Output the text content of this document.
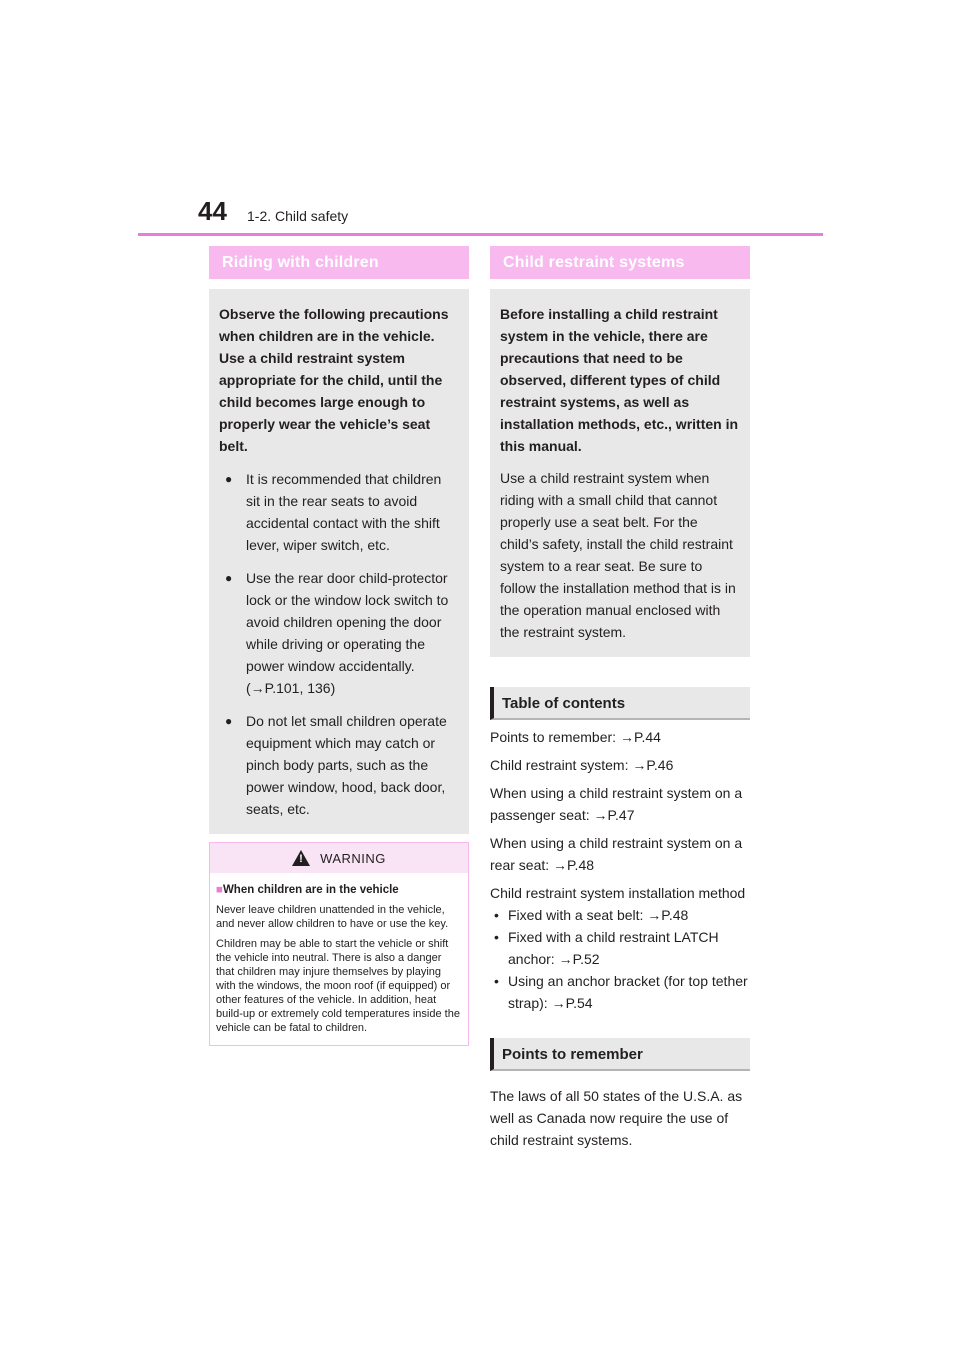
44 1-2. Child safety
Riding with children

Observe the following precautions when children are in the vehicle. Use a child restraint system appropriate for the child, until the child becomes large enough to properly wear the vehicle’s seat belt.

● It is recommended that children sit in the rear seats to avoid accidental contact with the shift lever, wiper switch, etc.
● Use the rear door child-protector lock or the window lock switch to avoid children opening the door while driving or operating the power window accidentally. (→P.101, 136)
● Do not let small children operate equipment which may catch or pinch body parts, such as the power window, hood, back door, seats, etc.
! WARNING
■When children are in the vehicle
Never leave children unattended in the vehicle, and never allow children to have or use the key.
Children may be able to start the vehicle or shift the vehicle into neutral. There is also a danger that children may injure themselves by playing with the windows, the moon roof (if equipped) or other features of the vehicle. In addition, heat build-up or extremely cold temperatures inside the vehicle can be fatal to children.
Child restraint systems

Before installing a child restraint system in the vehicle, there are precautions that need to be observed, different types of child restraint systems, as well as installation methods, etc., written in this manual.

Use a child restraint system when riding with a small child that cannot properly use a seat belt. For the child’s safety, install the child restraint system to a rear seat. Be sure to follow the installation method that is in the operation manual enclosed with the restraint system.
Table of contents
Points to remember: →P.44
Child restraint system: →P.46
When using a child restraint system on a passenger seat: →P.47
When using a child restraint system on a rear seat: →P.48
Child restraint system installation method
• Fixed with a seat belt: →P.48
• Fixed with a child restraint LATCH anchor: →P.52
• Using an anchor bracket (for top tether strap): →P.54
Points to remember
The laws of all 50 states of the U.S.A. as well as Canada now require the use of child restraint systems.
